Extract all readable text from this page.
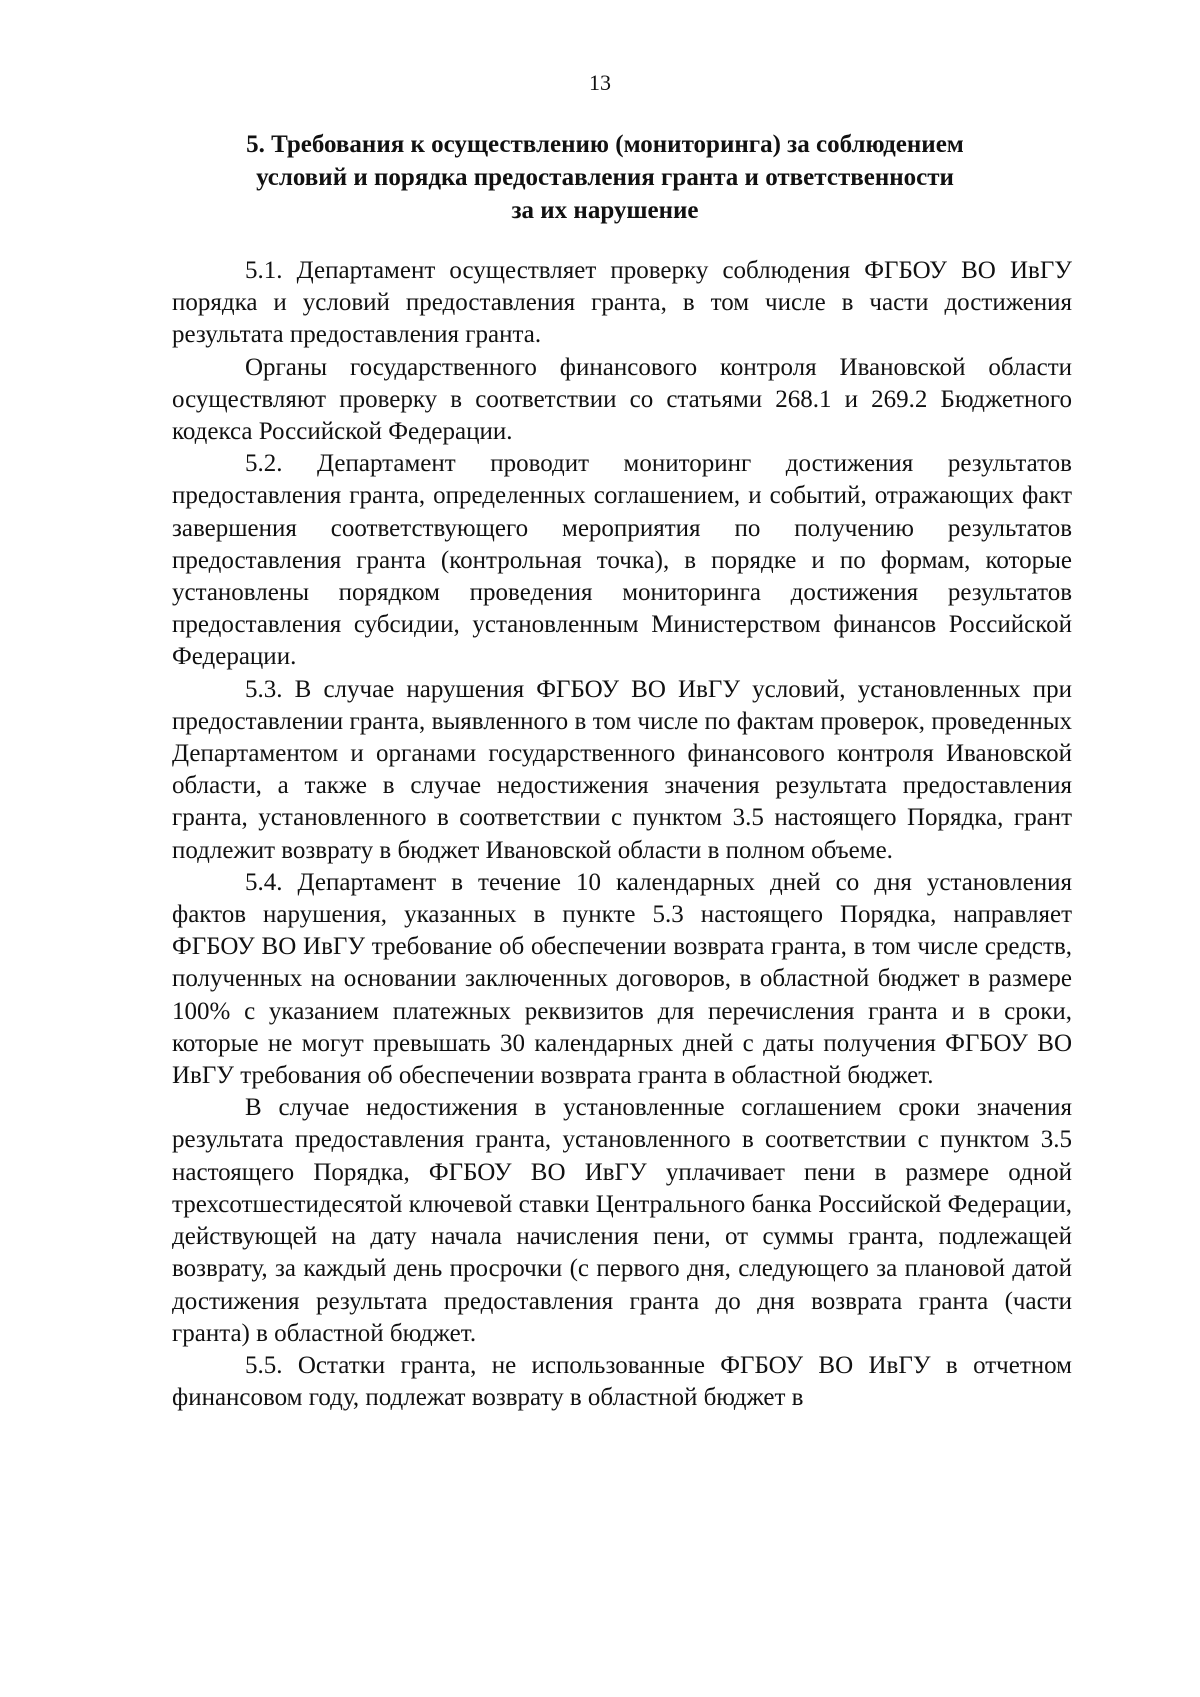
13
5. Требования к осуществлению (мониторинга) за соблюдением
условий и порядка предоставления гранта и ответственности
за их нарушение

5.1. Департамент осуществляет проверку соблюдения ФГБОУ ВО ИвГУ порядка и условий предоставления гранта, в том числе в части достижения результата предоставления гранта.

Органы государственного финансового контроля Ивановской области осуществляют проверку в соответствии со статьями 268.1 и 269.2 Бюджетного кодекса Российской Федерации.

5.2. Департамент проводит мониторинг достижения результатов предоставления гранта, определенных соглашением, и событий, отражающих факт завершения соответствующего мероприятия по получению результатов предоставления гранта (контрольная точка), в порядке и по формам, которые установлены порядком проведения мониторинга достижения результатов предоставления субсидии, установленным Министерством финансов Российской Федерации.

5.3. В случае нарушения ФГБОУ ВО ИвГУ условий, установленных при предоставлении гранта, выявленного в том числе по фактам проверок, проведенных Департаментом и органами государственного финансового контроля Ивановской области, а также в случае недостижения значения результата предоставления гранта, установленного в соответствии с пунктом 3.5 настоящего Порядка, грант подлежит возврату в бюджет Ивановской области в полном объеме.

5.4. Департамент в течение 10 календарных дней со дня установления фактов нарушения, указанных в пункте 5.3 настоящего Порядка, направляет ФГБОУ ВО ИвГУ требование об обеспечении возврата гранта, в том числе средств, полученных на основании заключенных договоров, в областной бюджет в размере 100% с указанием платежных реквизитов для перечисления гранта и в сроки, которые не могут превышать 30 календарных дней с даты получения ФГБОУ ВО ИвГУ требования об обеспечении возврата гранта в областной бюджет.

В случае недостижения в установленные соглашением сроки значения результата предоставления гранта, установленного в соответствии с пунктом 3.5 настоящего Порядка, ФГБОУ ВО ИвГУ уплачивает пени в размере одной трехсотшестидесятой ключевой ставки Центрального банка Российской Федерации, действующей на дату начала начисления пени, от суммы гранта, подлежащей возврату, за каждый день просрочки (с первого дня, следующего за плановой датой достижения результата предоставления гранта до дня возврата гранта (части гранта) в областной бюджет.

5.5. Остатки гранта, не использованные ФГБОУ ВО ИвГУ в отчетном финансовом году, подлежат возврату в областной бюджет в
